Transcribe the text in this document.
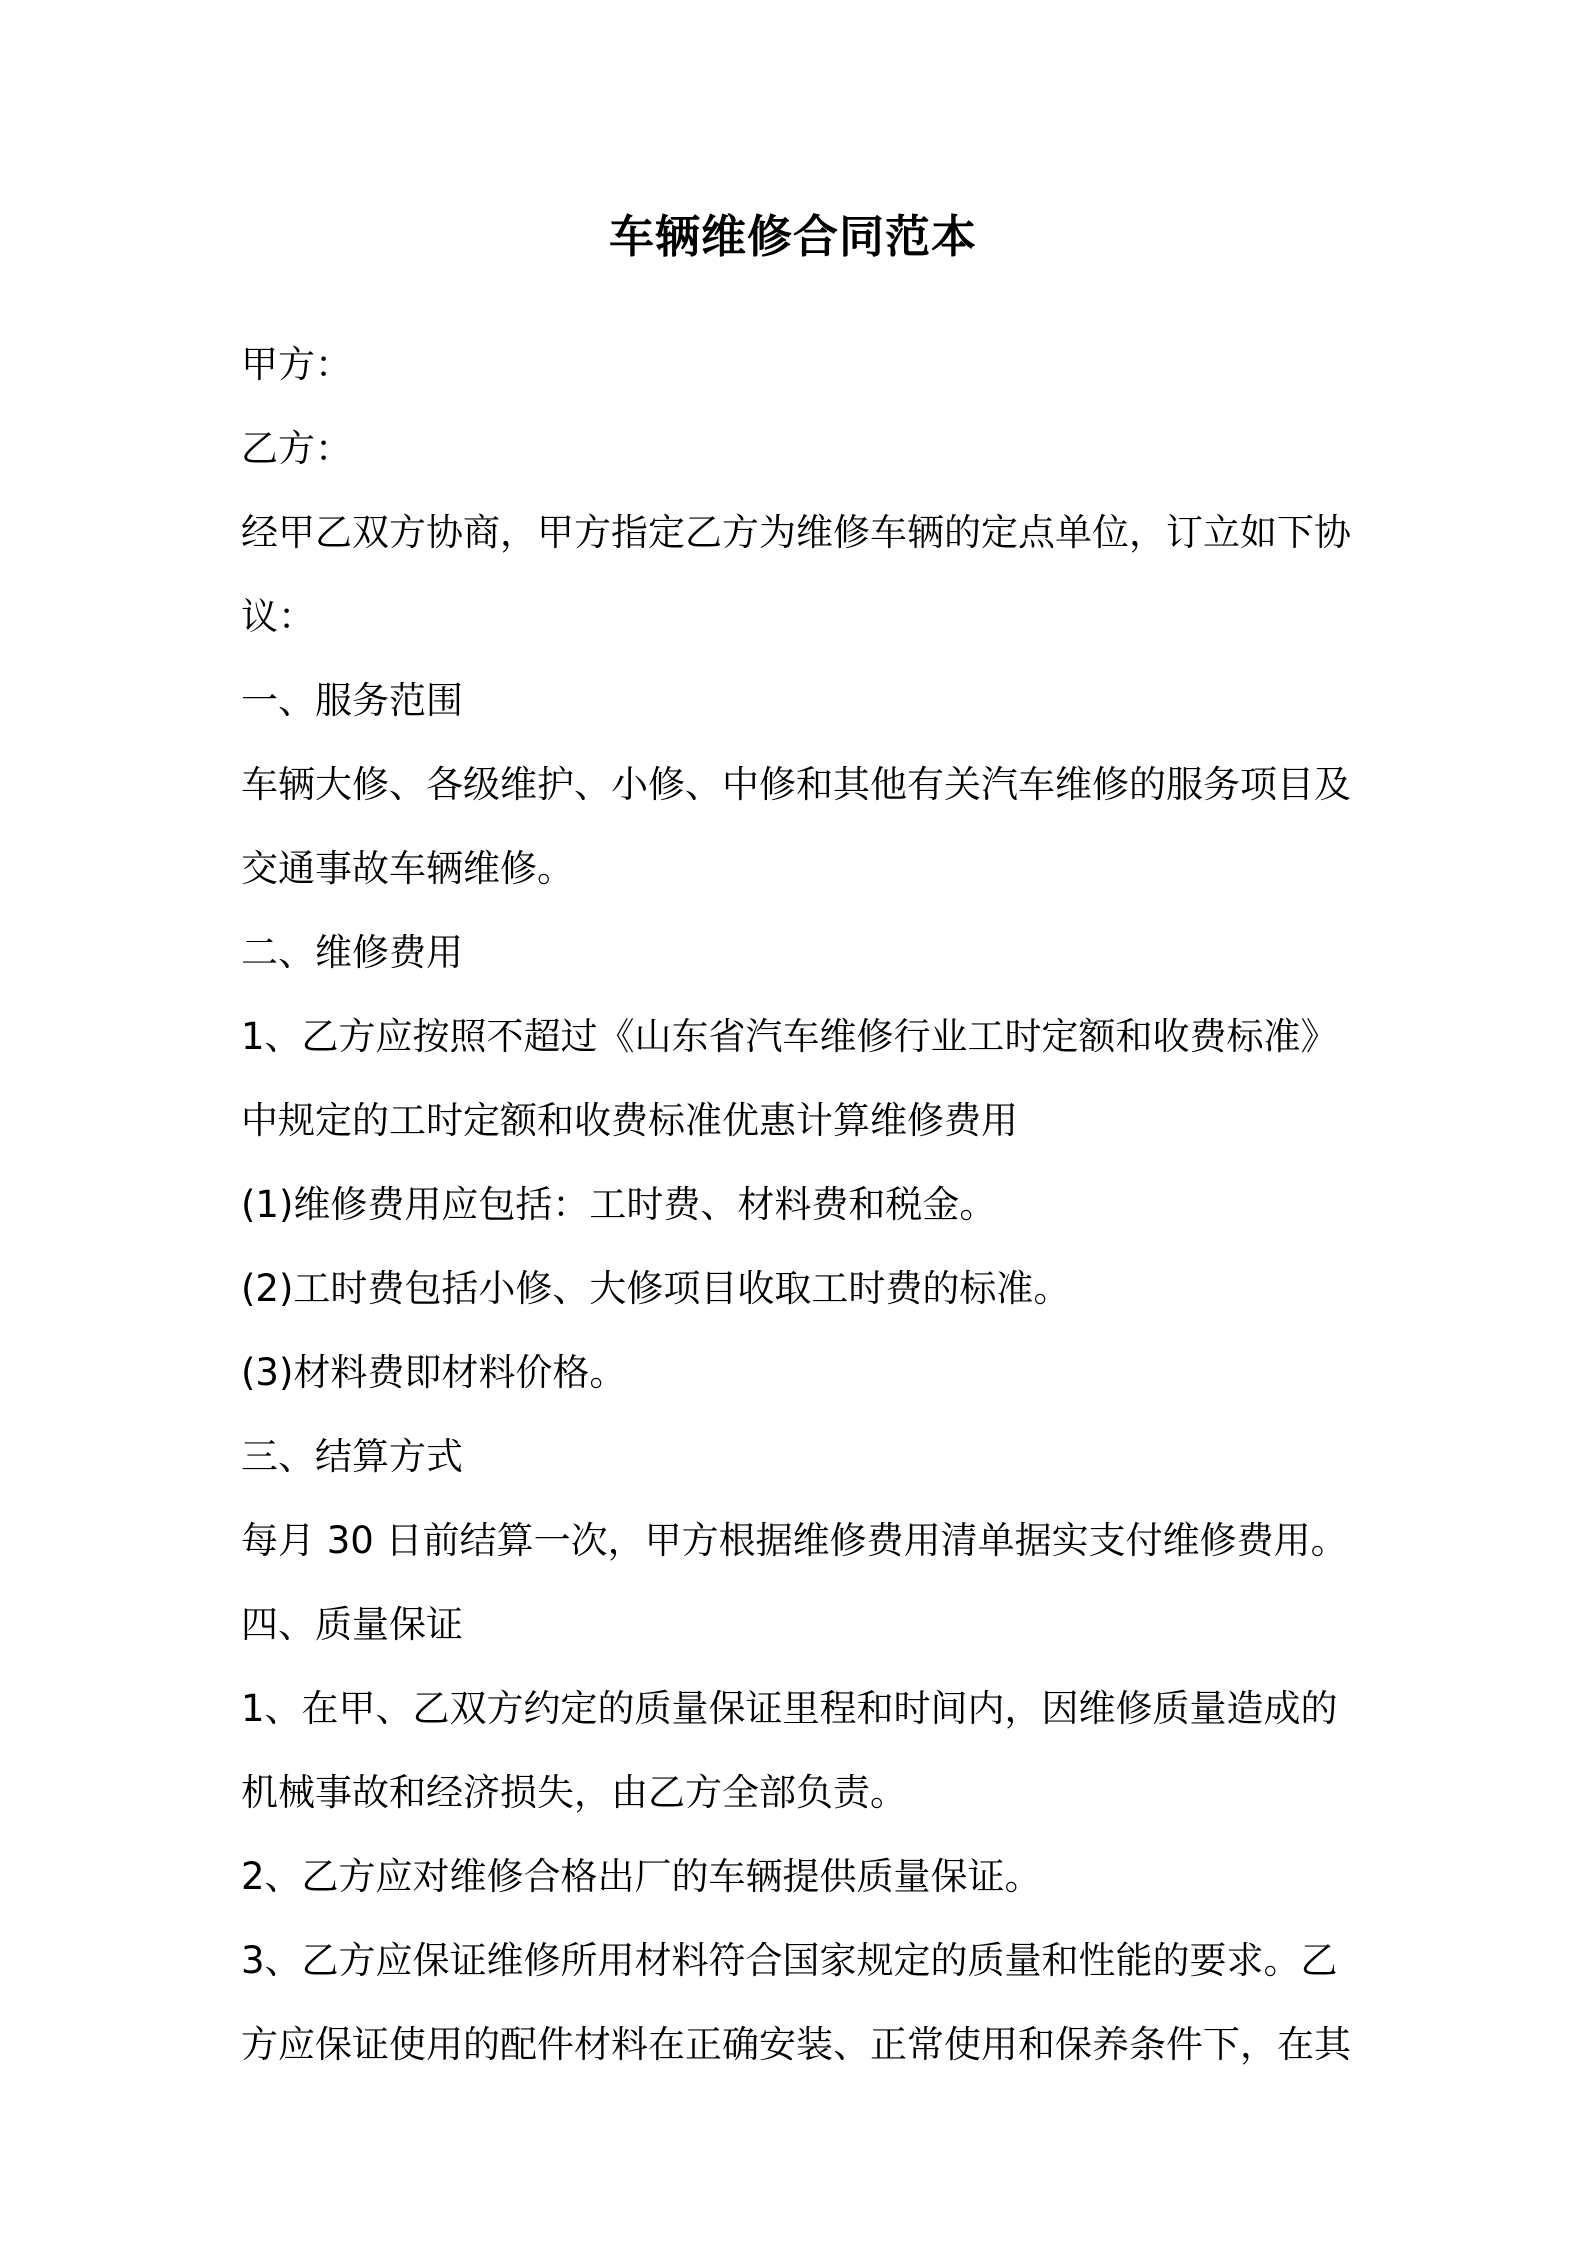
车辆维修合同范本
甲方：
乙方：
经甲乙双方协商，甲方指定乙方为维修车辆的定点单位，订立如下协
议：
一、服务范围
车辆大修、各级维护、小修、中修和其他有关汽车维修的服务项目及
交通事故车辆维修。
二、维修费用
1、乙方应按照不超过《山东省汽车维修行业工时定额和收费标准》
中规定的工时定额和收费标准优惠计算维修费用
(1)维修费用应包括：工时费、材料费和税金。
(2)工时费包括小修、大修项目收取工时费的标准。
(3)材料费即材料价格。
三、结算方式
每月 30 日前结算一次，甲方根据维修费用清单据实支付维修费用。
四、质量保证
1、在甲、乙双方约定的质量保证里程和时间内，因维修质量造成的
机械事故和经济损失，由乙方全部负责。
2、乙方应对维修合格出厂的车辆提供质量保证。
3、乙方应保证维修所用材料符合国家规定的质量和性能的要求。乙
方应保证使用的配件材料在正确安装、正常使用和保养条件下，在其
